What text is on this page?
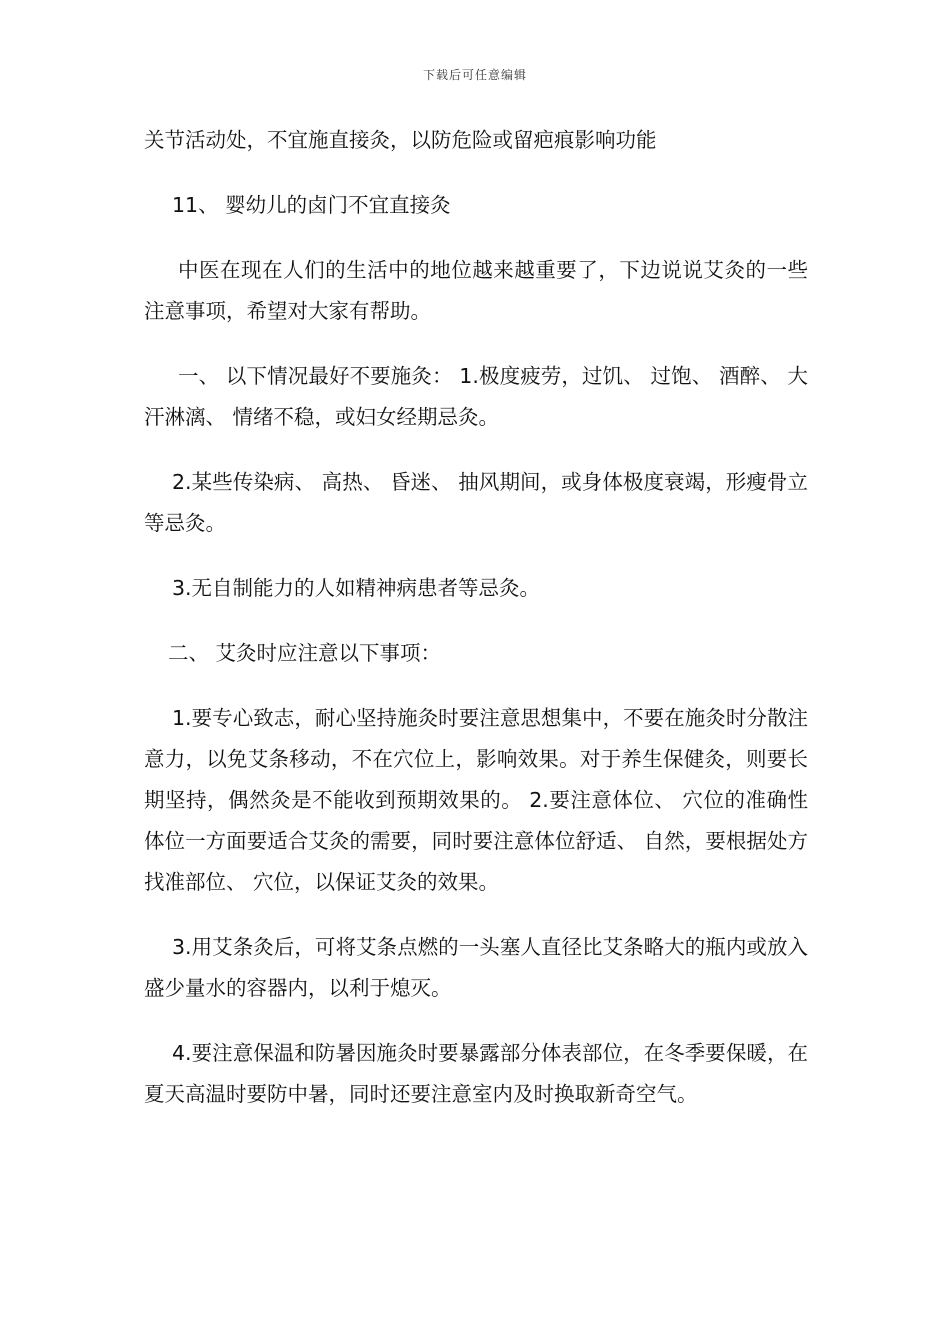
下载后可任意编辑

关节活动处，不宜施直接灸，以防危险或留疤痕影响功能

11、 婴幼儿的卤门不宜直接灸

中医在现在人们的生活中的地位越来越重要了，下边说说艾灸的一些注意事项，希望对大家有帮助。

一、 以下情况最好不要施灸： 1.极度疲劳，过饥、 过饱、 酒醉、 大汗淋漓、 情绪不稳，或妇女经期忌灸。

2.某些传染病、 高热、 昏迷、 抽风期间，或身体极度衰竭，形瘦骨立等忌灸。

3.无自制能力的人如精神病患者等忌灸。

二、 艾灸时应注意以下事项：

1.要专心致志，耐心坚持施灸时要注意思想集中，不要在施灸时分散注意力，以免艾条移动，不在穴位上，影响效果。对于养生保健灸，则要长期坚持，偶然灸是不能收到预期效果的。 2.要注意体位、 穴位的准确性体位一方面要适合艾灸的需要，同时要注意体位舒适、 自然，要根据处方找准部位、 穴位，以保证艾灸的效果。

3.用艾条灸后，可将艾条点燃的一头塞人直径比艾条略大的瓶内或放入盛少量水的容器内，以利于熄灭。

4.要注意保温和防暑因施灸时要暴露部分体表部位，在冬季要保暖，在夏天高温时要防中暑，同时还要注意室内及时换取新奇空气。
